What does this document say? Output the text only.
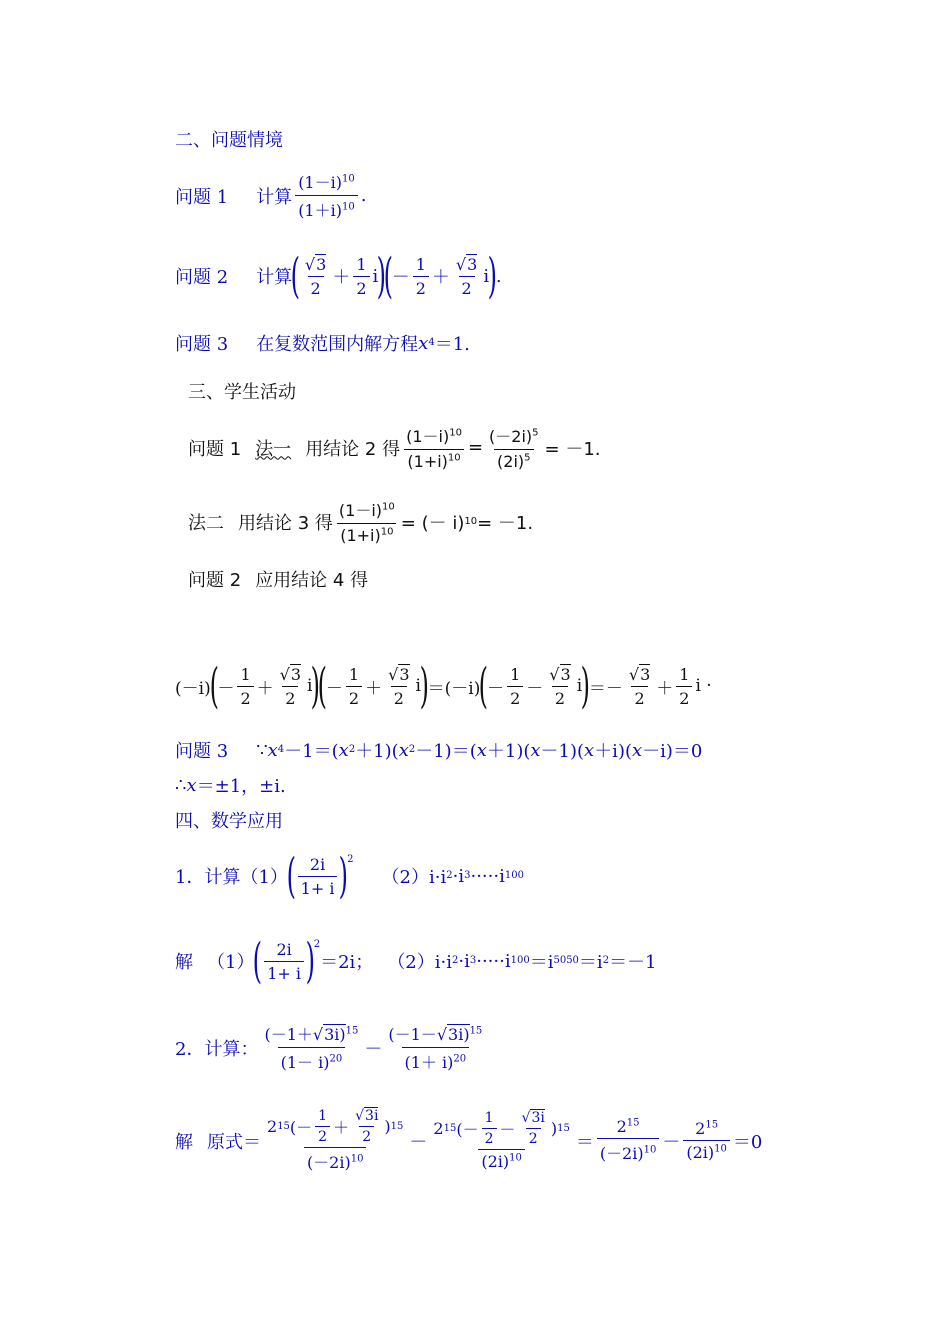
二、问题情境
问题 1 计算 $\frac{(1-i)^{10}}{(1+i)^{10}}$ .
问题 2 计算
( $\frac{√3}{2} + \frac{1}{2}$ i
)
(
－ $\frac{1}{2} + \frac{√3}{2}$ i
)
.
问题 3 在复数范围内解方程 x 4 ＝1.
三、学生活动
问题 1 法一 用结论 2 得 $\frac{(1-i)^{10}}{(1+i)^{10}} = \frac{(-2i)^5}{(2i)^5} = -1$.
法二 用结论 3 得 $\frac{(1-i)^{10}}{(1+i)^{10}}$ = (－ i) 10 = －1.
问题 2 应用结论 4 得
(－i)
(
－ $\frac{1}{2} + \frac{√3}{2}$ i
)
(
－ $\frac{1}{2} + \frac{√3}{2}$ i
)
＝ (－i)
(
－ $\frac{1}{2} - \frac{√3}{2}$ i
)
＝ － $\frac{√3}{2} + \frac{1}{2}$ i ·
问题 3 ∵ x 4 －1＝( x 2 ＋1)( x 2 －1)＝( x ＋1)( x －1)( x ＋i)( x －i)＝0
∴ x ＝±1，±i.
四、数学应用
1．计算（1）
( $\frac{2i}{1+ i}$ )
$^2$
（2）i·i 2 ·i 3 ·····i 100
解 （1）
( $\frac{2i}{1+ i}$ )
$^2$
＝2i； （2）i·i 2 ·i 3 ·····i 100 ＝i 5050 ＝i 2 ＝－1
2．计算： $\frac{(-1+√3i)^{15}}{(1- i)^{20}} - \frac{(-1-√3i)^{15}}{(1+ i)^{20}}$
解 原式＝ $\frac{2 15 (- \frac{1}{2} + \frac{√3i}{2} ) 15}{(-2i)^{10}} - \frac{2 15 (- \frac{1}{2} - \frac{√3i}{2} ) 15}{(2i)^{10}} = \frac{2^{15}}{(-2i)^{10}} - \frac{2^{15}}{(2i)^{10}} =0$
